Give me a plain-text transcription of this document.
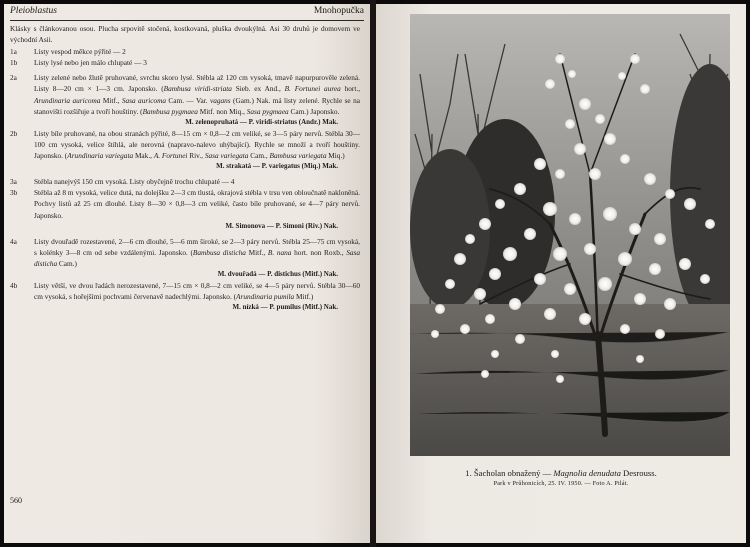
Pleioblastus	Mnohopučka

Klásky s článkovanou osou. Plucha srpovitě stočená, kostkovaná, pluška dvoukýlná. Asi 30 druhů je domovem ve východní Asii.

1a Listy vespod měkce pýřité — 2
1b Listy lysé nebo jen málo chlupaté — 3
2a Listy zelené nebo žlutě pruhované, svrchu skoro lysé. Stébla až 120 cm vysoká, tmavě napurpurověle zelená. Listy 8—20 cm × 1—3 cm. Japonsko. (Bambusa viridi-striata Sieb. ex And., B. Fortunei aurea hort., Arundinaria auricoma Mitf., Sasa auricoma Cam. — Var. vagans (Gam.) Nak. má listy zelené. Rychle se na stanovišti rozšiřuje a tvoří houštiny. (Bambusa pygmaea Mitf. non Miq., Sasa pygmaea Cam.) Japonsko.
M. zelenopruhatá — P. viridi-striatus (Andr.) Mak.
2b Listy bíle pruhované, na obou stranách pýřité, 8—15 cm × 0,8—2 cm veliké, se 3—5 páry nervů. Stébla 30—100 cm vysoká, velice štíhlá, ale nerovná (napravo-nalevo uhýbající). Rychle se množí a tvoří houštiny. Japonsko. (Arundinaria variegata Mak., A. Fortunei Riv., Sasa variegata Cam., Bambusa variegata Miq.)
M. strakatá — P. variegatus (Miq.) Mak.
3a Stébla nanejvýš 150 cm vysoká. Listy obyčejně trochu chlupaté — 4
3b Stébla až 8 m vysoká, velice dutá, na dolejšku 2—3 cm tlustá, okrajová stébla v trsu ven obloučnatě nakloněná. Pochvy listů až 25 cm dlouhé. Listy 8—30 × 0,8—3 cm veliké, často bíle pruhované, se 4—7 páry nervů. Japonsko.
M. Simonova — P. Simoni (Riv.) Nak.
4a Listy dvouřadě rozestavené, 2—6 cm dlouhé, 5—6 mm široké, se 2—3 páry nervů. Stébla 25—75 cm vysoká, s kolénky 3—8 cm od sebe vzdálenými. Japonsko. (Bambusa disticha Mitf., B. nana hort. non Roxb., Sasa disticha Cam.)
M. dvouřadá — P. distichus (Mitf.) Nak.
4b Listy větší, ve dvou řadách nerozestavené, 7—15 cm × 0,8—2 cm veliké, se 4—5 páry nervů. Stébla 30—60 cm vysoká, s hořejšími pochvami červenavě nadechlými. Japonsko. (Arundinaria pumila Mitf.)
M. nízká — P. pumilus (Mitf.) Nak.
560
1. Šacholan obnažený — Magnolia denudata Desrouss.
Park v Průhonicích, 25. IV. 1950. — Foto A. Pilát.
